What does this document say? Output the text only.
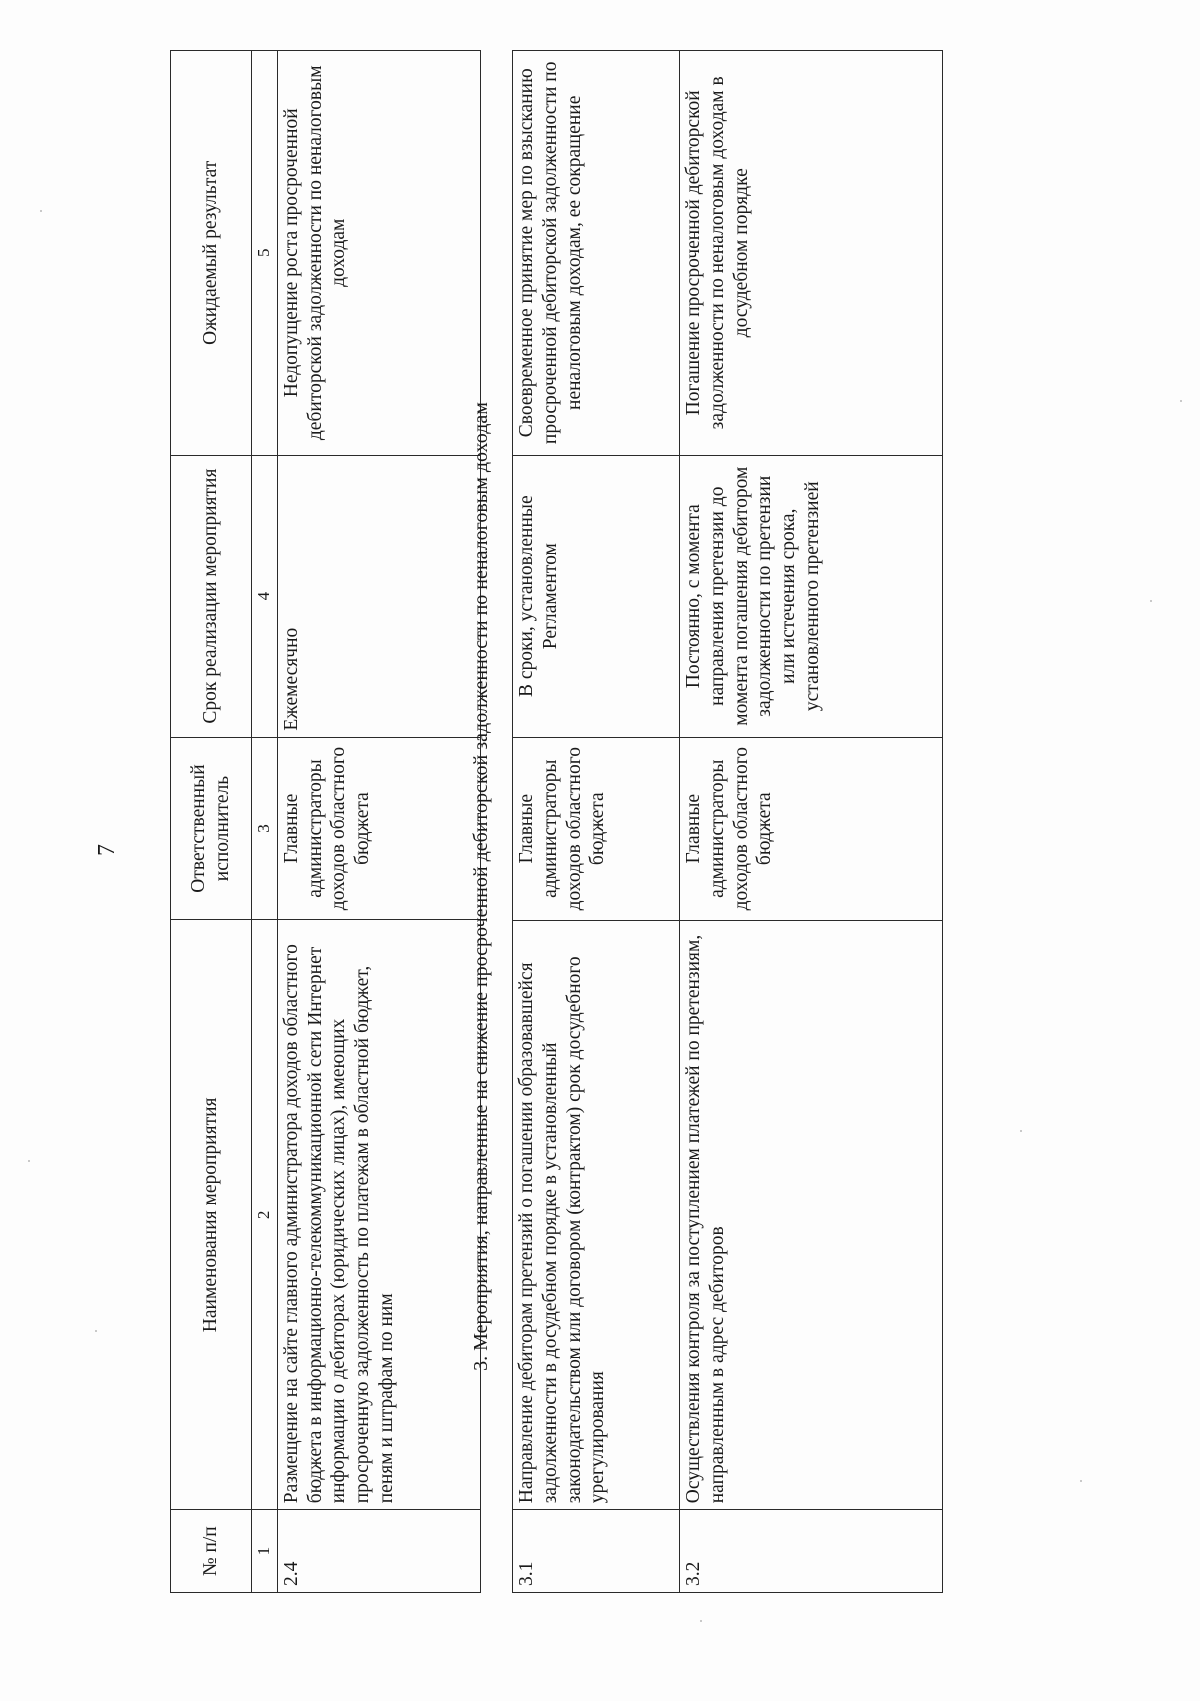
7
№ п/п	Наименования мероприятия	Ответственный исполнитель	Срок реализации мероприятия	Ожидаемый результат
1	2	3	4	5
2.4	Размещение на сайте главного администратора доходов областного бюджета в информационно-телекоммуникационной сети Интернет информации о дебиторах (юридических лицах), имеющих просроченную задолженность по платежам в областной бюджет, пеням и штрафам по ним	Главные администраторы доходов областного бюджета	Ежемесячно	Недопущение роста просроченной дебиторской задолженности по неналоговым доходам
3. Мероприятия, направленные на снижение просроченной дебиторской задолженности по неналоговым доходам
3.1	Направление дебиторам претензий о погашении образовавшейся задолженности в досудебном порядке в установленный законодательством или договором (контрактом) срок досудебного урегулирования	Главные администраторы доходов областного бюджета	В сроки, установленные Регламентом	Своевременное принятие мер по взысканию просроченной дебиторской задолженности по неналоговым доходам, ее сокращение
3.2	Осуществления контроля за поступлением платежей по претензиям, направленным в адрес дебиторов	Главные администраторы доходов областного бюджета	Постоянно, с момента направления претензии до момента погашения дебитором задолженности по претензии или истечения срока, установленного претензией	Погашение просроченной дебиторской задолженности по неналоговым доходам в досудебном порядке
